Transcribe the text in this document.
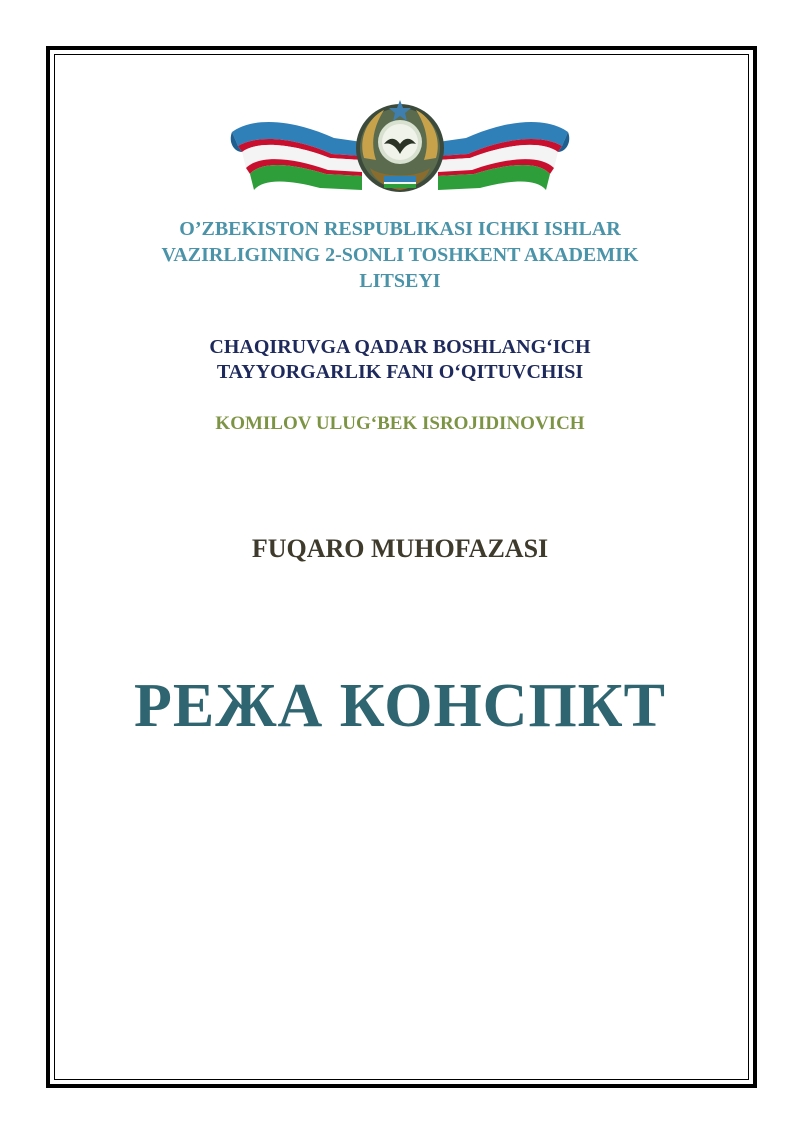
O’ZBEKISTON RESPUBLIKASI ICHKI ISHLAR
VAZIRLIGINING 2-SONLI TOSHKENT AKADEMIK
LITSEYI
CHAQIRUVGA QADAR BOSHLANG‘ICH
TAYYORGARLIK FANI O‘QITUVCHISI
KOMILOV ULUG‘BEK ISROJIDINOVICH
FUQARO MUHOFAZASI
РЕЖА КОНСПКТ
